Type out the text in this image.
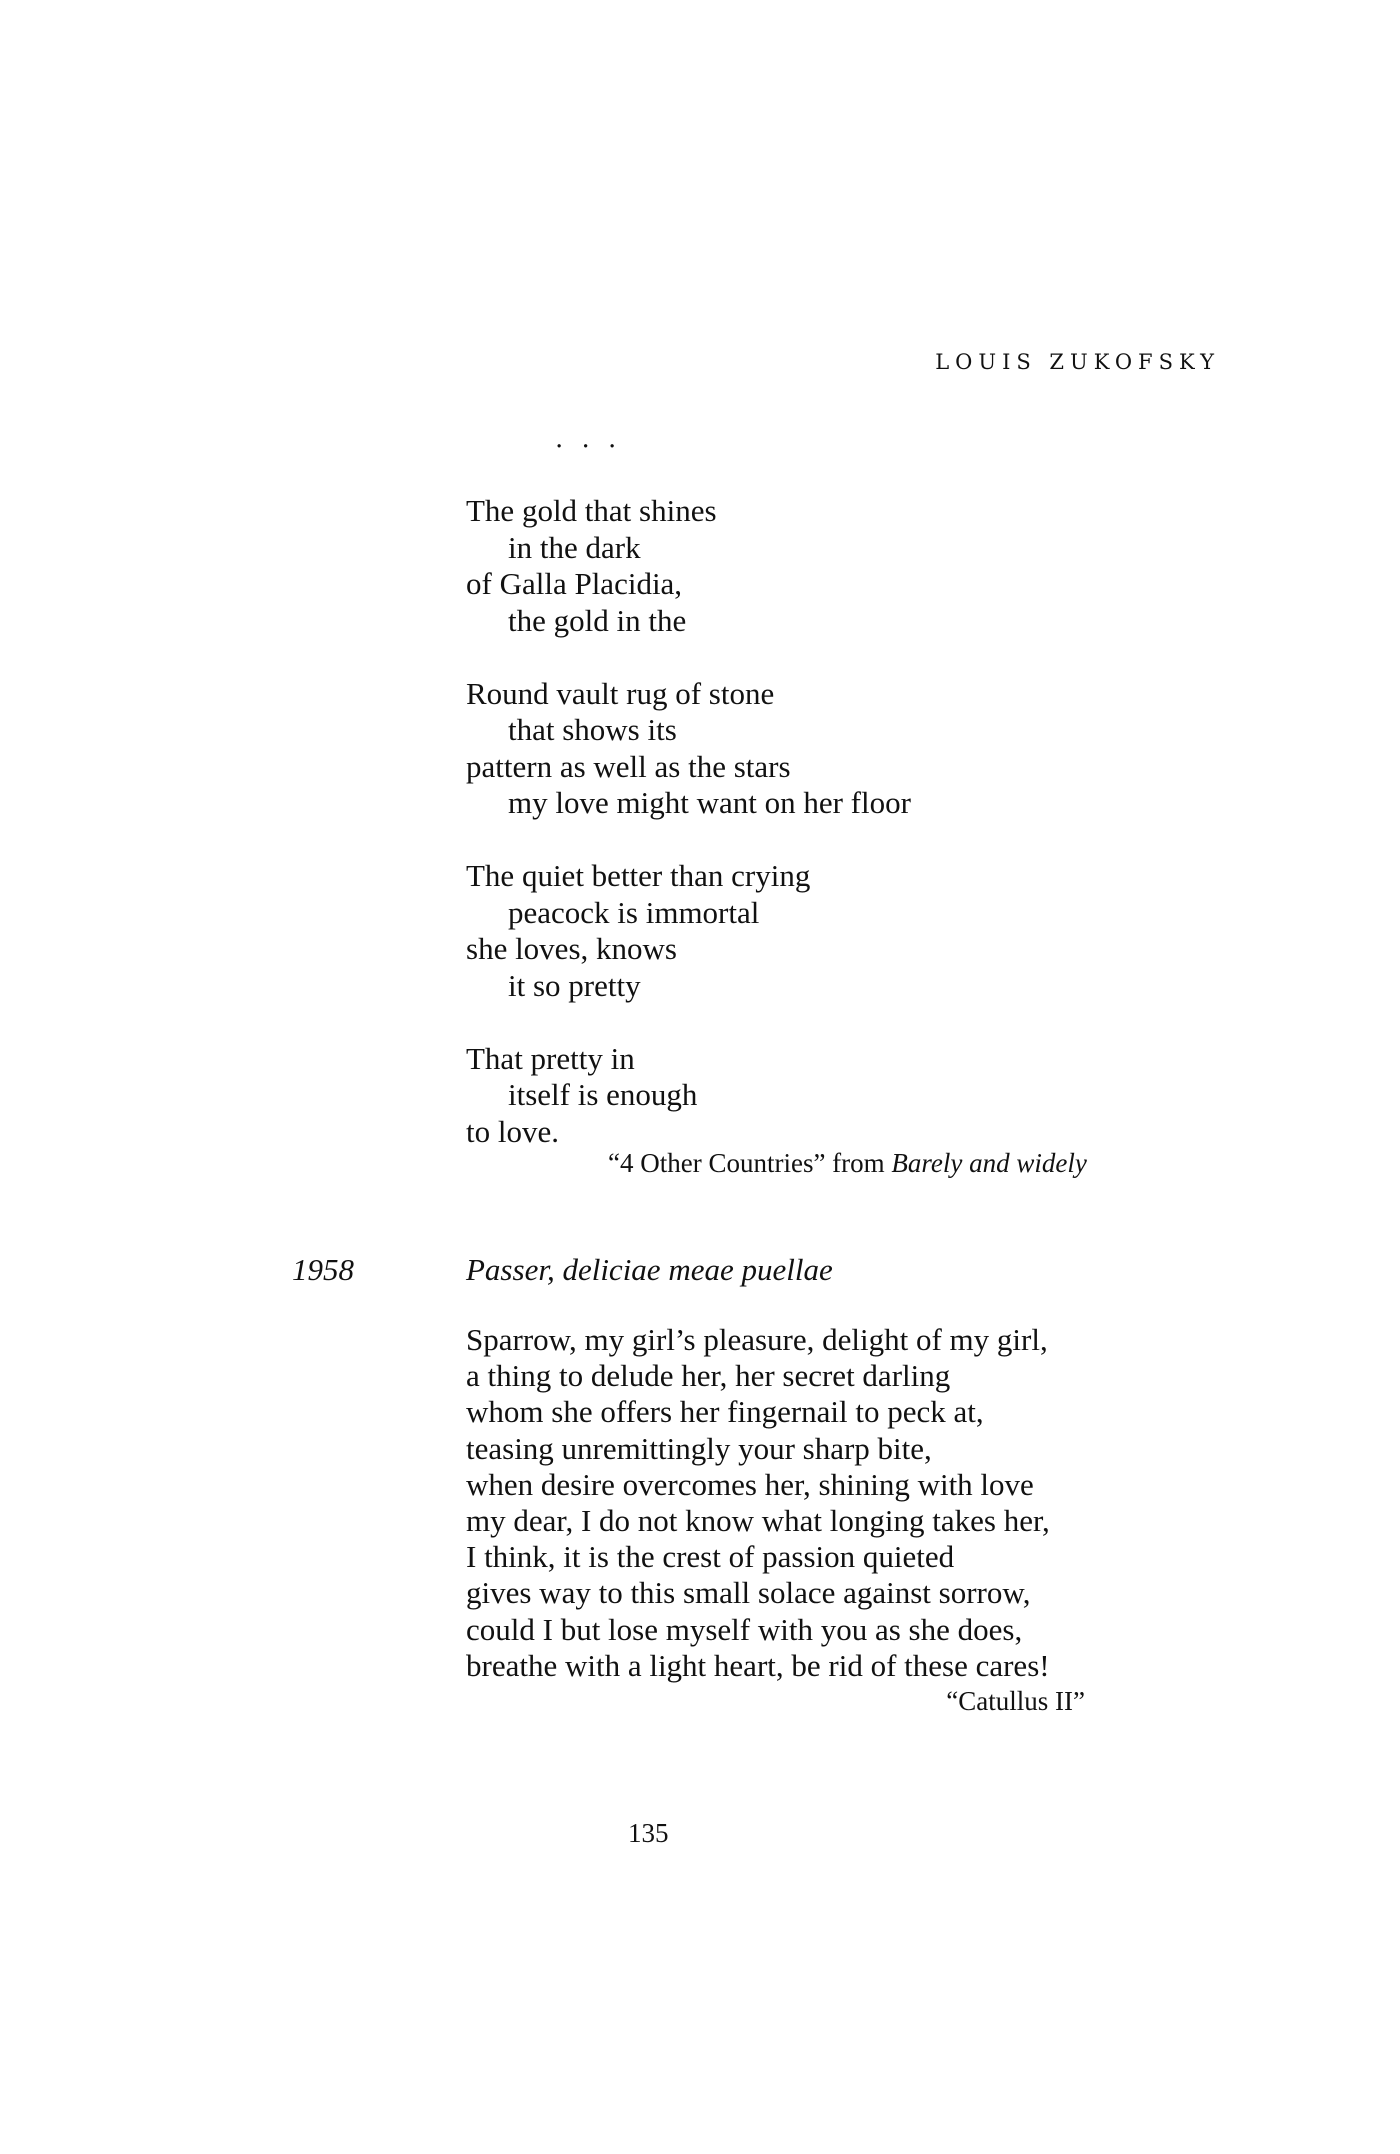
LOUIS ZUKOFSKY
. . .
The gold that shines
in the dark
of Galla Placidia,
the gold in the
Round vault rug of stone
that shows its
pattern as well as the stars
my love might want on her floor
The quiet better than crying
peacock is immortal
she loves, knows
it so pretty
That pretty in
itself is enough
to love.
“4 Other Countries” from Barely and widely
1958	Passer, deliciae meae puellae
Sparrow, my girl’s pleasure, delight of my girl,
a thing to delude her, her secret darling
whom she offers her fingernail to peck at,
teasing unremittingly your sharp bite,
when desire overcomes her, shining with love
my dear, I do not know what longing takes her,
I think, it is the crest of passion quieted
gives way to this small solace against sorrow,
could I but lose myself with you as she does,
breathe with a light heart, be rid of these cares!
“Catullus II”
135
